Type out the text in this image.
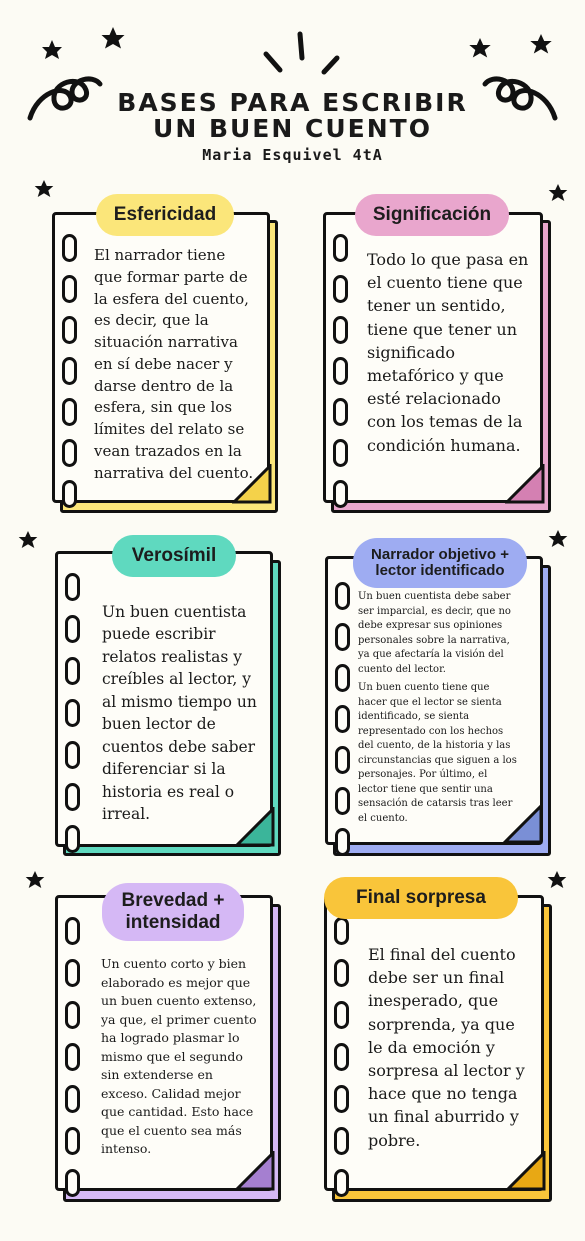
BASES PARA ESCRIBIR
UN BUEN CUENTO
Maria Esquivel 4tA
Esfericidad
El narrador tiene que formar parte de la esfera del cuento, es decir, que la situación narrativa en sí debe nacer y darse dentro de la esfera, sin que los límites del relato se vean trazados en la narrativa del cuento.
Significación
Todo lo que pasa en el cuento tiene que tener un sentido, tiene que tener un significado metafórico y que esté relacionado con los temas de la condición humana.
Verosímil
Un buen cuentista puede escribir relatos realistas y creíbles al lector, y al mismo tiempo un buen lector de cuentos debe saber diferenciar si la historia es real o irreal.
Narrador objetivo + lector identificado
Un buen cuentista debe saber ser imparcial, es decir, que no debe expresar sus opiniones personales sobre la narrativa, ya que afectaría la visión del cuento del lector.
Un buen cuento tiene que hacer que el lector se sienta identificado, se sienta representado con los hechos del cuento, de la historia y las circunstancias que siguen a los personajes. Por último, el lector tiene que sentir una sensación de catarsis tras leer el cuento.
Brevedad + intensidad
Un cuento corto y bien elaborado es mejor que un buen cuento extenso, ya que, el primer cuento ha logrado plasmar lo mismo que el segundo sin extenderse en exceso. Calidad mejor que cantidad. Esto hace que el cuento sea más intenso.
Final sorpresa
El final del cuento debe ser un final inesperado, que sorprenda, ya que le da emoción y sorpresa al lector y hace que no tenga un final aburrido y pobre.
